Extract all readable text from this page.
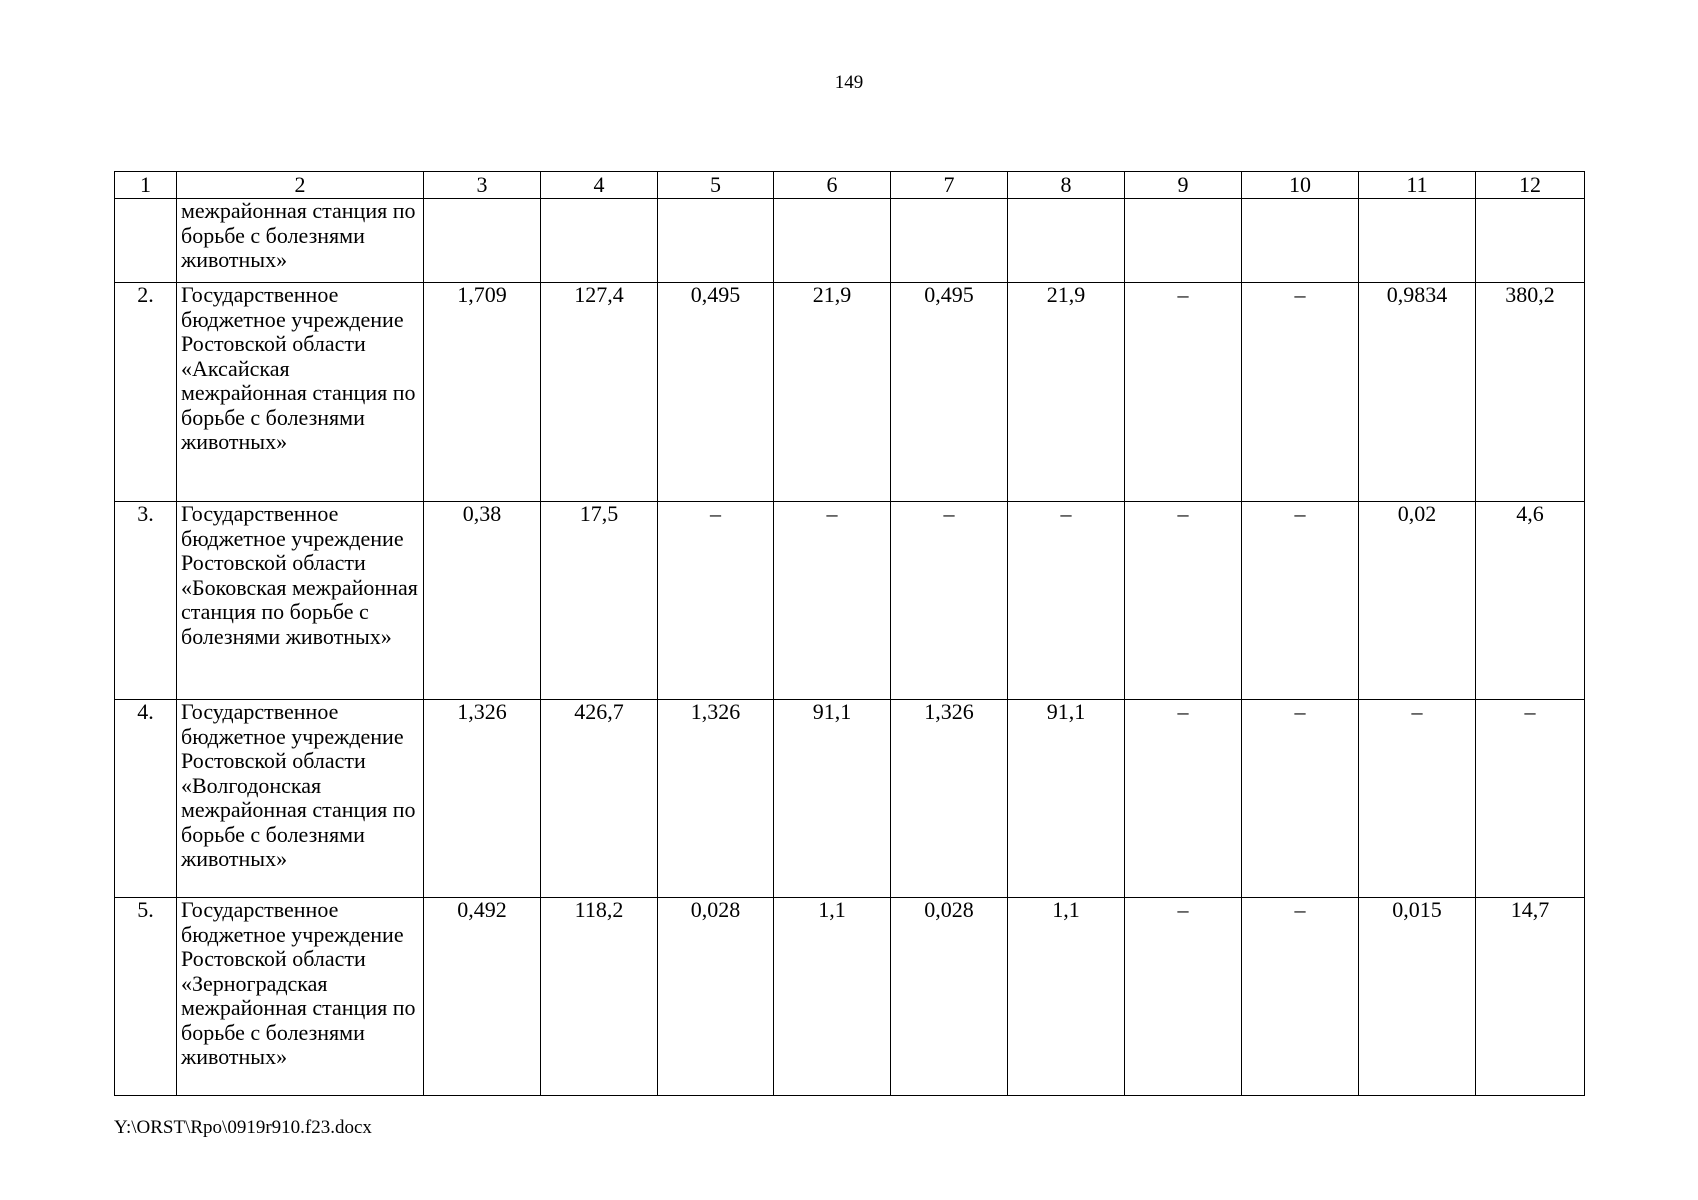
149
1	2	3	4	5	6	7	8	9	10	11	12
	межрайонная станция по борьбе с болезнями животных»										
2.	Государственное бюджетное учреждение Ростовской области «Аксайская межрайонная станция по борьбе с болезнями животных»	1,709	127,4	0,495	21,9	0,495	21,9	–	–	0,9834	380,2
3.	Государственное бюджетное учреждение Ростовской области «Боковская межрайонная станция по борьбе с болезнями животных»	0,38	17,5	–	–	–	–	–	–	0,02	4,6
4.	Государственное бюджетное учреждение Ростовской области «Волгодонская межрайонная станция по борьбе с болезнями животных»	1,326	426,7	1,326	91,1	1,326	91,1	–	–	–	–
5.	Государственное бюджетное учреждение Ростовской области «Зерноградская межрайонная станция по борьбе с болезнями животных»	0,492	118,2	0,028	1,1	0,028	1,1	–	–	0,015	14,7
Y:\ORST\Rpo\0919r910.f23.docx
